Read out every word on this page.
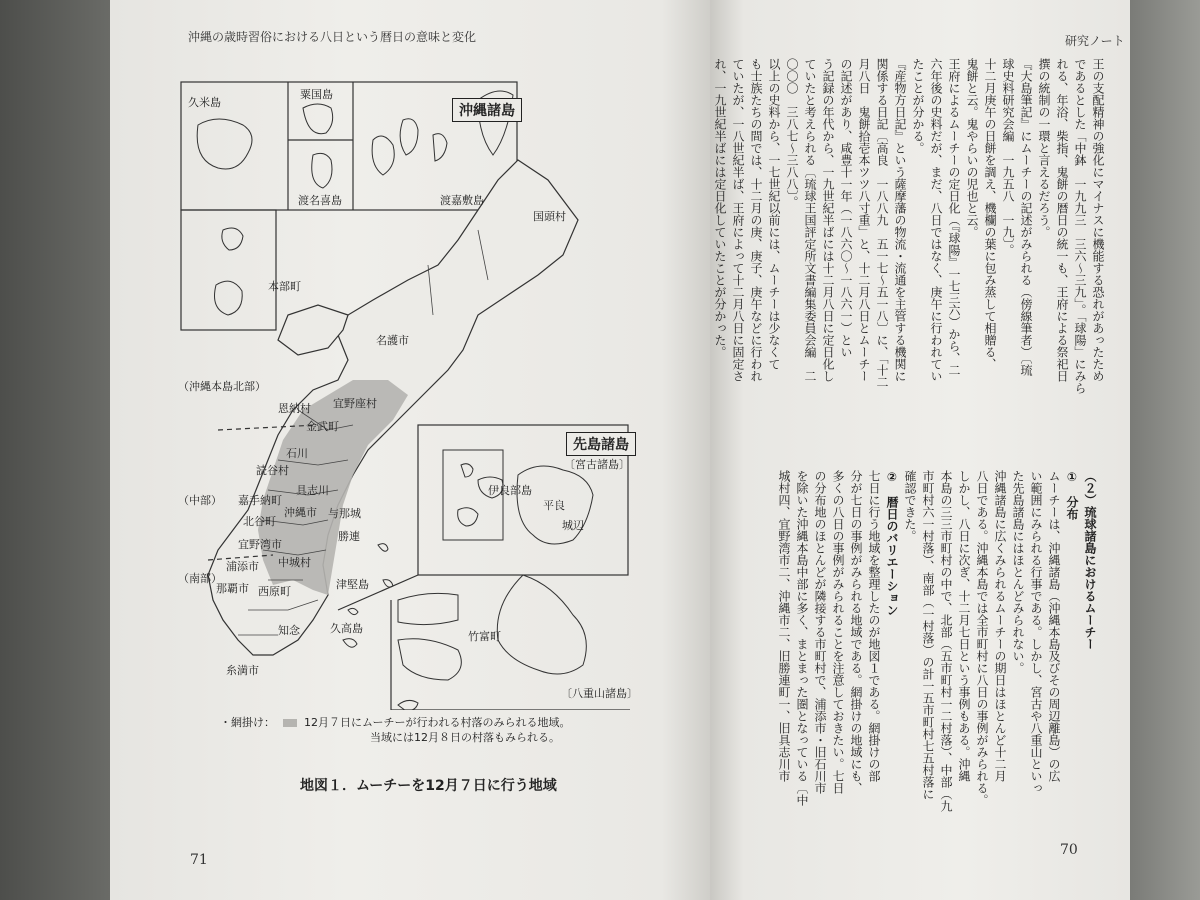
沖縄の歳時習俗における八日という暦日の意味と変化
沖縄諸島
久米島
粟国島
渡名喜島	渡嘉敷島
国頭村
本部町
名護市
（沖縄本島北部）
宜野座村
恩納村
金武町
石川
（中部）
読谷村
嘉手納町
北谷町
具志川
沖縄市 与那城
勝連
宜野湾市
中城村
（南部）
浦添市
那覇市 西原町
津堅島
知念	久高島
糸満市
先島諸島
〔宮古諸島〕
伊良部島
平良
城辺
竹富町
〔八重山諸島〕
・網掛け：	12月７日にムーチーが行われる村落のみられる地域。
当域には12月８日の村落もみられる。
地図１．ムーチーを12月７日に行う地域
71
研究ノート
70
王の支配精神の強化にマイナスに機能する恐れがあったため
であるとした「中鉢　一九九三　三六～三九」。「球陽」にみら
れる、年浴、柴指、鬼餅の暦日の統一も、王府による祭祀日
撰の統制の一環と言えるだろう。
『大島筆記』にムーチーの記述がみられる（傍線筆者）〔琉
球史料研究会編　一九五八　一九〕。
十二月庚午の日餅を調え、機欄の葉に包み蒸して相贈る、
鬼餅と云。鬼やらいの児也と云。
王府によるムーチーの定日化（『球陽』一七三六）から、二
六年後の史料だが、まだ、八日ではなく、庚午に行われてい
たことが分かる。
『産物方日記』という薩摩藩の物流・流通を主管する機関に
関係する日記〔高良　一八八九　五一七～五一八〕に、「十二
月八日　鬼餅拾壱本ツツ八寸重」と、十二月八日とムーチー
の記述があり、咸豊十一年（一八六〇～一八六一）とい
う記録の年代から、一九世紀半ばには十二月八日に定日化し
ていたと考えられる〔琉球王国評定所文書編集委員会編　二
〇〇〇　三八七～三八八〕。
以上の史料から、一七世紀以前には、ムーチーは少なくて
も士族たちの間では、十二月の庚、庚子、庚午などに行われ
ていたが、一八世紀半ば、王府によって十二月八日に固定さ
れ、一九世紀半ばには定日化していたことが分かった。
（２）琉球諸島におけるムーチー
①　分布
ムーチーは、沖縄諸島（沖縄本島及びその周辺離島）の広
い範囲にみられる行事である。しかし、宮古や八重山といっ
た先島諸島にはほとんどみられない。
沖縄諸島に広くみられるムーチーの期日はほとんど十二月
八日である。沖縄本島では全市町村に八日の事例がみられる。
しかし、八日に次ぎ、十二月七日という事例もある。沖縄
本島の三三市町村の中で、北部（五市町村一二村落）、中部（九
市町村六一村落）、南部（一村落）の計一五市町村七五村落に
確認できた。
②　暦日のバリエーション
七日に行う地域を整理したのが地図１である。網掛けの部
分が七日の事例がみられる地域である。網掛けの地域にも、
多くの八日の事例がみられることを注意しておきたい。七日
の分布地のほとんどが隣接する市町村で、浦添市・旧石川市
を除いた沖縄本島中部に多く、まとまった圏となっている〔中
城村四、宜野湾市二、沖縄市二、旧勝連町一、旧具志川市
